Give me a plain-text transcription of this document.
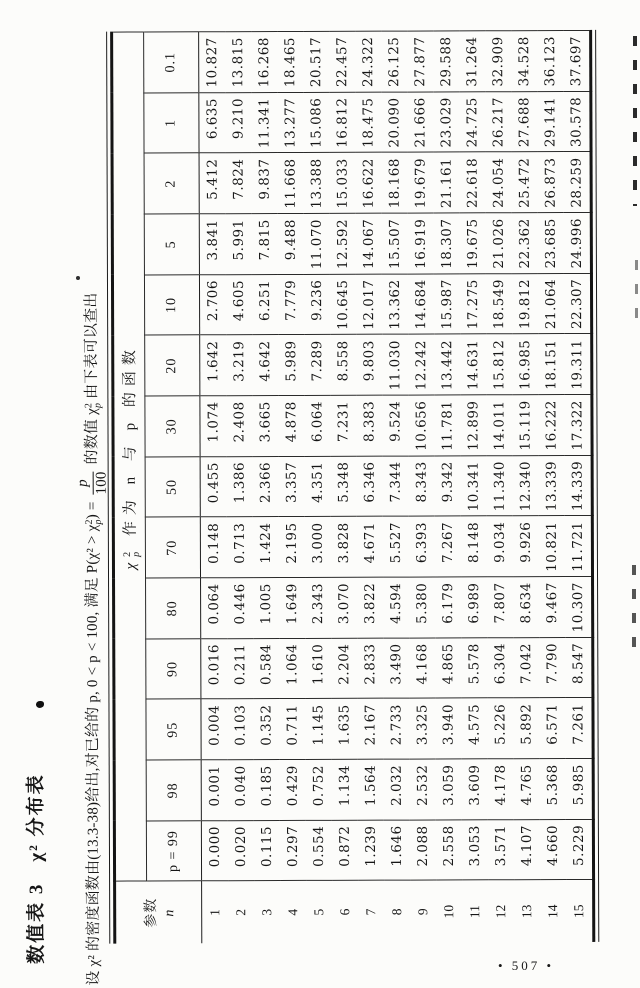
数值表 3　χ² 分布表	设 χ² 的密度函数由(13.3-38)给出,对已给的 p, 0 < p < 100, 满足 P(χ² > χ
2
p
) =
p 100
的数值 χ
2
p
由下表可以查出
参数 n	χ
2
p
作为 n 与 p 的函数													
	p = 99	98	95	90	80	70	50	30	20	10	5	2	1	0.1
1	0.000	0.001	0.004	0.016	0.064	0.148	0.455	1.074	1.642	2.706	3.841	5.412	6.635	10.827
2	0.020	0.040	0.103	0.211	0.446	0.713	1.386	2.408	3.219	4.605	5.991	7.824	9.210	13.815
3	0.115	0.185	0.352	0.584	1.005	1.424	2.366	3.665	4.642	6.251	7.815	9.837	11.341	16.268
4	0.297	0.429	0.711	1.064	1.649	2.195	3.357	4.878	5.989	7.779	9.488	11.668	13.277	18.465
5	0.554	0.752	1.145	1.610	2.343	3.000	4.351	6.064	7.289	9.236	11.070	13.388	15.086	20.517
6	0.872	1.134	1.635	2.204	3.070	3.828	5.348	7.231	8.558	10.645	12.592	15.033	16.812	22.457
7	1.239	1.564	2.167	2.833	3.822	4.671	6.346	8.383	9.803	12.017	14.067	16.622	18.475	24.322
8	1.646	2.032	2.733	3.490	4.594	5.527	7.344	9.524	11.030	13.362	15.507	18.168	20.090	26.125
9	2.088	2.532	3.325	4.168	5.380	6.393	8.343	10.656	12.242	14.684	16.919	19.679	21.666	27.877
10	2.558	3.059	3.940	4.865	6.179	7.267	9.342	11.781	13.442	15.987	18.307	21.161	23.029	29.588
11	3.053	3.609	4.575	5.578	6.989	8.148	10.341	12.899	14.631	17.275	19.675	22.618	24.725	31.264
12	3.571	4.178	5.226	6.304	7.807	9.034	11.340	14.011	15.812	18.549	21.026	24.054	26.217	32.909
13	4.107	4.765	5.892	7.042	8.634	9.926	12.340	15.119	16.985	19.812	22.362	25.472	27.688	34.528
14	4.660	5.368	6.571	7.790	9.467	10.821	13.339	16.222	18.151	21.064	23.685	26.873	29.141	36.123
15	5.229	5.985	7.261	8.547	10.307	11.721	14.339	17.322	19.311	22.307	24.996	28.259	30.578	37.697
• 507 •
